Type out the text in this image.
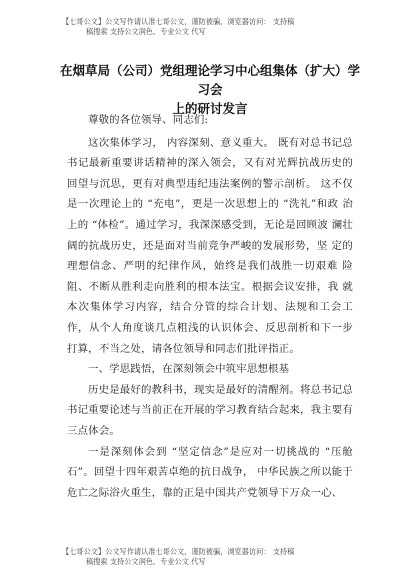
【七哥公文】公文写作请认准七哥公文，谨防被骗，浏览器访问： 支持稿
稿搜索 支持公文润色、专业公文 代写
在烟草局（公司）党组理论学习中心组集体（扩大）学习会
上的研讨发言

尊敬的各位领导、同志们:

这次集体学习， 内容深刻、意义重大。 既有对总书记总 书记最新重要讲话精神的深入领会，又有对光辉抗战历史的 回望与沉思，更有对典型违纪违法案例的警示剖析。 这不仅 是一次理论上的 “充电”，更是一次思想上的 “洗礼”和政 治上的 “体检”。通过学习，我深深感受到，无论是回顾波 澜壮阔的抗战历史，还是面对当前竞争严峻的发展形势，坚 定的理想信念、严明的纪律作风，始终是我们战胜一切艰难 险阻、不断从胜利走向胜利的根本法宝。根据会议安排，我 就本次集体学习内容，结合分管的综合计划、法规和工会工 作，从个人角度谈几点粗浅的认识体会、反思剖析和下一步 打算，不当之处，请各位领导和同志们批评指正。

一、学思践悟，在深刻领会中筑牢思想根基

历史是最好的教科书，现实是最好的清醒剂。将总书记总书记重要论述与当前正在开展的学习教育结合起来，我主要有三点体会。

一是深刻体会到 “坚定信念”是应对一切挑战的 “压舱石”。回望十四年艰苦卓绝的抗日战争， 中华民族之所以能于危亡之际浴火重生，靠的正是中国共产党领导下万众一心、

【七哥公文】公文写作请认准七哥公文，谨防被骗，浏览器访问： 支持稿
稿搜索 支持公文润色、专业公文 代写
